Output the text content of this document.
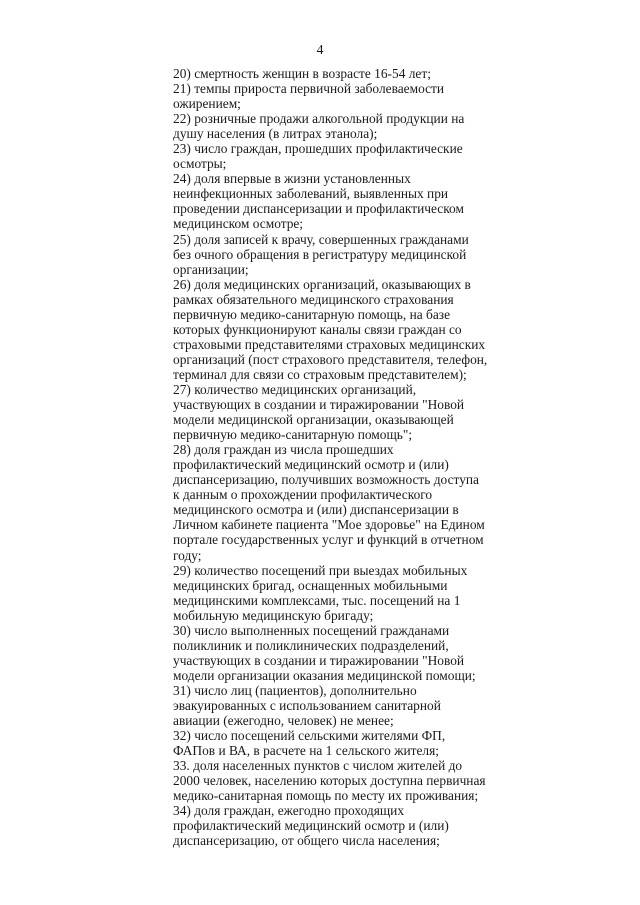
4
20) смертность женщин в возрасте 16-54 лет;
21) темпы прироста первичной заболеваемости
ожирением;
22) розничные продажи алкогольной продукции на
душу населения (в литрах этанола);
23) число граждан, прошедших профилактические
осмотры;
24) доля впервые в жизни установленных
неинфекционных заболеваний, выявленных при
проведении диспансеризации и профилактическом
медицинском осмотре;
25) доля записей к врачу, совершенных гражданами
без очного обращения в регистратуру медицинской
организации;
26) доля медицинских организаций, оказывающих в
рамках обязательного медицинского страхования
первичную медико-санитарную помощь, на базе
которых функционируют каналы связи граждан со
страховыми представителями страховых медицинских
организаций (пост страхового представителя, телефон,
терминал для связи со страховым представителем);
27) количество медицинских организаций,
участвующих в создании и тиражировании "Новой
модели медицинской организации, оказывающей
первичную медико-санитарную помощь";
28) доля граждан из числа прошедших
профилактический медицинский осмотр и (или)
диспансеризацию, получивших возможность доступа
к данным о прохождении профилактического
медицинского осмотра и (или) диспансеризации в
Личном кабинете пациента "Мое здоровье" на Едином
портале государственных услуг и функций в отчетном
году;
29) количество посещений при выездах мобильных
медицинских бригад, оснащенных мобильными
медицинскими комплексами, тыс. посещений на 1
мобильную медицинскую бригаду;
30) число выполненных посещений гражданами
поликлиник и поликлинических подразделений,
участвующих в создании и тиражировании "Новой
модели организации оказания медицинской помощи;
31) число лиц (пациентов), дополнительно
эвакуированных с использованием санитарной
авиации (ежегодно, человек) не менее;
32) число посещений сельскими жителями ФП,
ФАПов и ВА, в расчете на 1 сельского жителя;
33. доля населенных пунктов с числом жителей до
2000 человек, населению которых доступна первичная
медико-санитарная помощь по месту их проживания;
34) доля граждан, ежегодно проходящих
профилактический медицинский осмотр и (или)
диспансеризацию, от общего числа населения;
